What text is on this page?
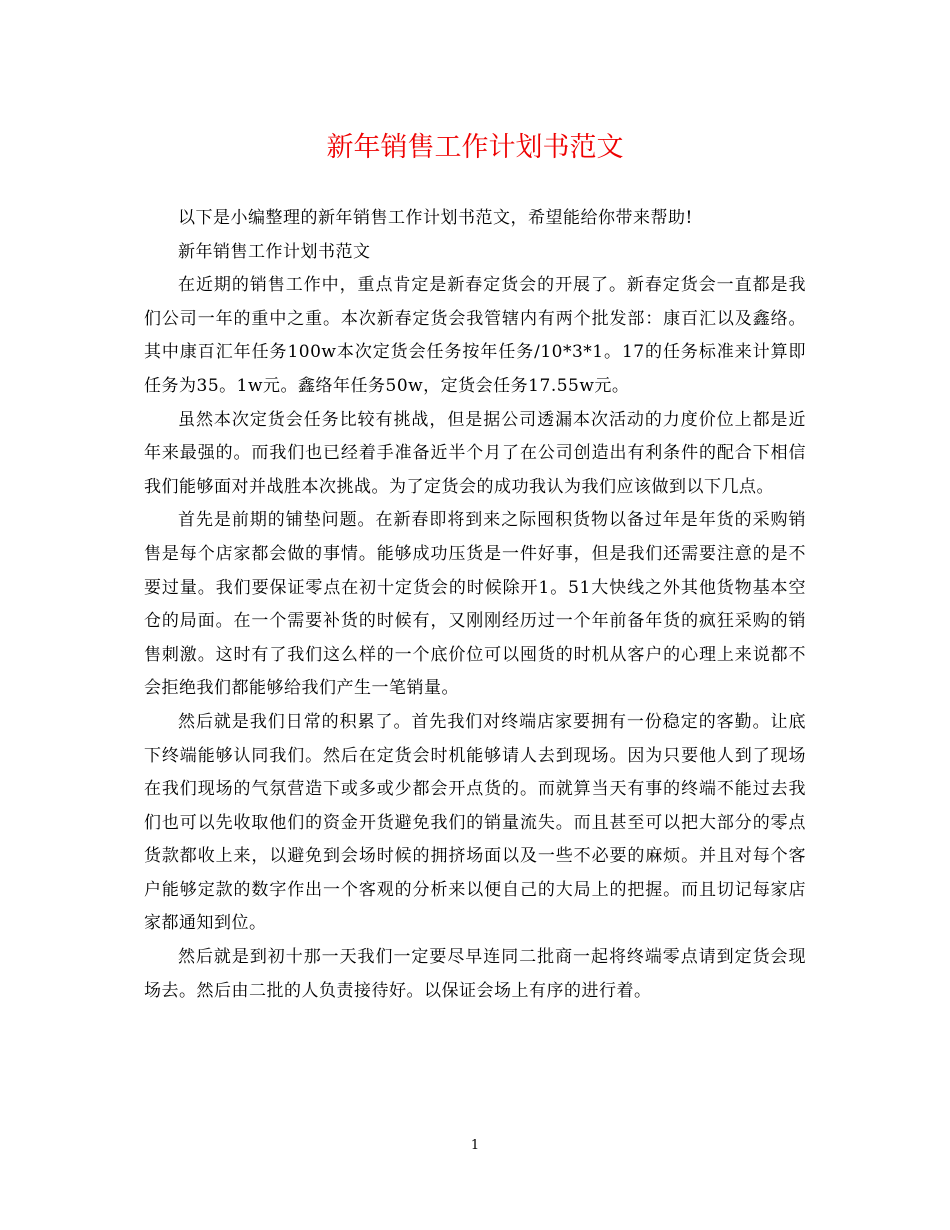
新年销售工作计划书范文

以下是小编整理的新年销售工作计划书范文，希望能给你带来帮助!

新年销售工作计划书范文

在近期的销售工作中，重点肯定是新春定货会的开展了。新春定货会一直都是我们公司一年的重中之重。本次新春定货会我管辖内有两个批发部：康百汇以及鑫络。其中康百汇年任务100w本次定货会任务按年任务/10*3*1。17的任务标准来计算即任务为35。1w元。鑫络年任务50w，定货会任务17.55w元。

虽然本次定货会任务比较有挑战，但是据公司透漏本次活动的力度价位上都是近年来最强的。而我们也已经着手准备近半个月了在公司创造出有利条件的配合下相信我们能够面对并战胜本次挑战。为了定货会的成功我认为我们应该做到以下几点。

首先是前期的铺垫问题。在新春即将到来之际囤积货物以备过年是年货的采购销售是每个店家都会做的事情。能够成功压货是一件好事，但是我们还需要注意的是不要过量。我们要保证零点在初十定货会的时候除开1。51大快线之外其他货物基本空仓的局面。在一个需要补货的时候有，又刚刚经历过一个年前备年货的疯狂采购的销售刺激。这时有了我们这么样的一个底价位可以囤货的时机从客户的心理上来说都不会拒绝我们都能够给我们产生一笔销量。

然后就是我们日常的积累了。首先我们对终端店家要拥有一份稳定的客勤。让底下终端能够认同我们。然后在定货会时机能够请人去到现场。因为只要他人到了现场在我们现场的气氛营造下或多或少都会开点货的。而就算当天有事的终端不能过去我们也可以先收取他们的资金开货避免我们的销量流失。而且甚至可以把大部分的零点货款都收上来，以避免到会场时候的拥挤场面以及一些不必要的麻烦。并且对每个客户能够定款的数字作出一个客观的分析来以便自己的大局上的把握。而且切记每家店家都通知到位。

然后就是到初十那一天我们一定要尽早连同二批商一起将终端零点请到定货会现场去。然后由二批的人负责接待好。以保证会场上有序的进行着。

1
